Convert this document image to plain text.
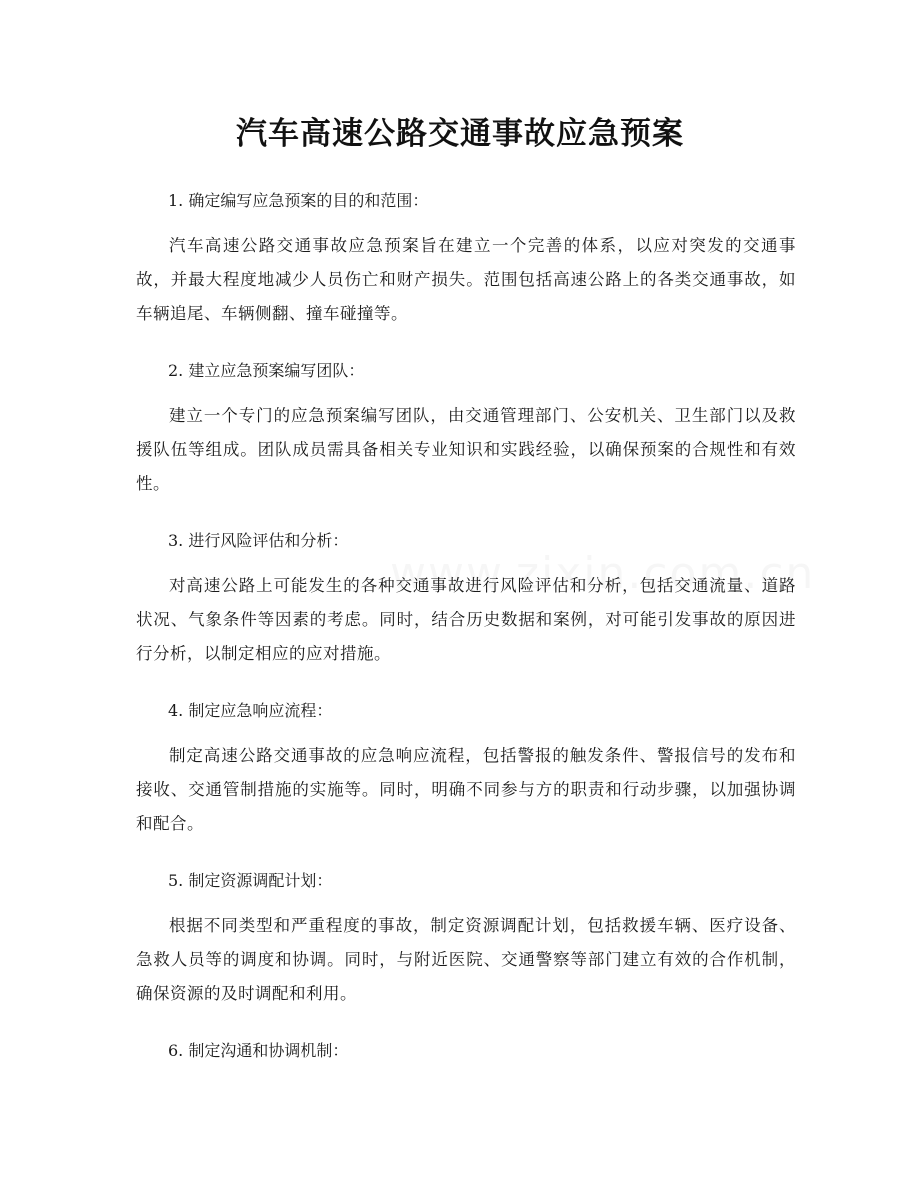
汽车高速公路交通事故应急预案
1. 确定编写应急预案的目的和范围：
汽车高速公路交通事故应急预案旨在建立一个完善的体系，以应对突发的交通事故，并最大程度地减少人员伤亡和财产损失。范围包括高速公路上的各类交通事故，如车辆追尾、车辆侧翻、撞车碰撞等。
2. 建立应急预案编写团队：
建立一个专门的应急预案编写团队，由交通管理部门、公安机关、卫生部门以及救援队伍等组成。团队成员需具备相关专业知识和实践经验，以确保预案的合规性和有效性。
3. 进行风险评估和分析：
对高速公路上可能发生的各种交通事故进行风险评估和分析，包括交通流量、道路状况、气象条件等因素的考虑。同时，结合历史数据和案例，对可能引发事故的原因进行分析，以制定相应的应对措施。
4. 制定应急响应流程：
制定高速公路交通事故的应急响应流程，包括警报的触发条件、警报信号的发布和接收、交通管制措施的实施等。同时，明确不同参与方的职责和行动步骤，以加强协调和配合。
5. 制定资源调配计划：
根据不同类型和严重程度的事故，制定资源调配计划，包括救援车辆、医疗设备、急救人员等的调度和协调。同时，与附近医院、交通警察等部门建立有效的合作机制，确保资源的及时调配和利用。
6. 制定沟通和协调机制：
